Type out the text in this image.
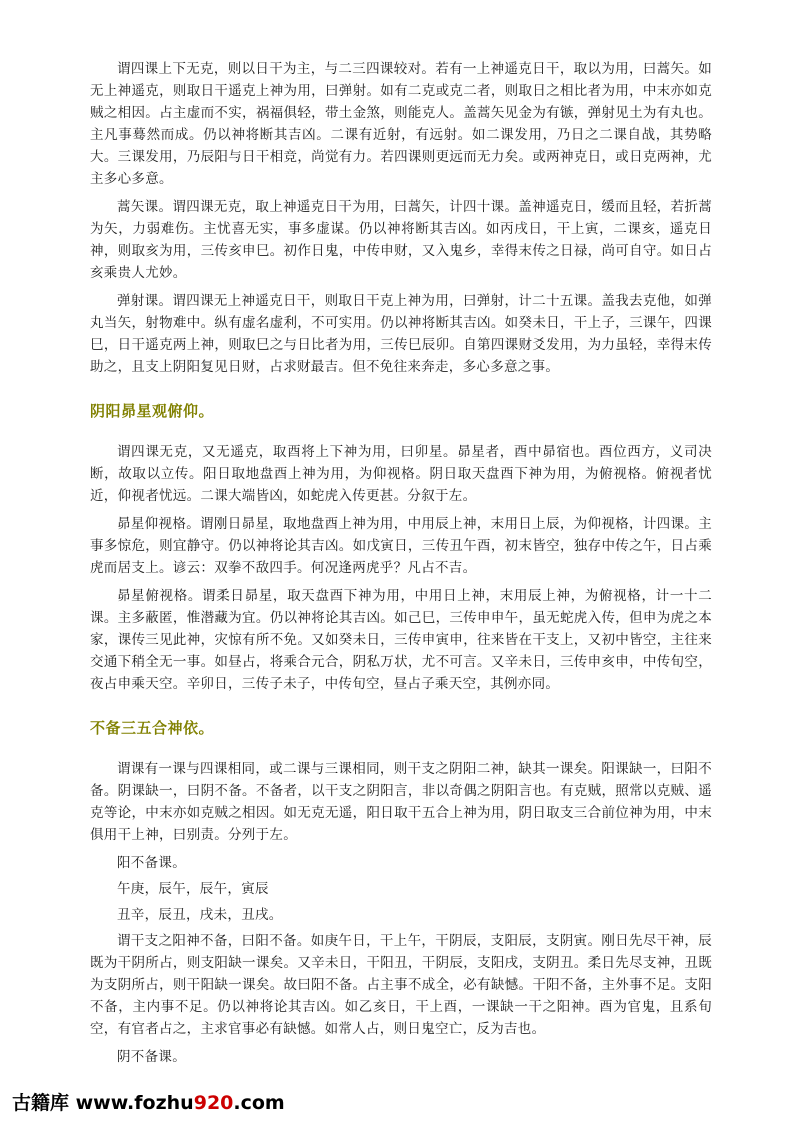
谓四课上下无克，则以日干为主，与二三四课较对。若有一上神遥克日干，取以为用，曰蒿矢。如无上神遥克，则取日干遥克上神为用，曰弹射。如有二克或克二者，则取日之相比者为用，中末亦如克贼之相因。占主虚而不实，祸福俱轻，带土金煞，则能克人。盖蒿矢见金为有镞，弹射见土为有丸也。主凡事蓦然而成。仍以神将断其吉凶。二课有近射，有远射。如二课发用，乃日之二课自战，其势略大。三课发用，乃辰阳与日干相竞，尚觉有力。若四课则更远而无力矣。或两神克日，或日克两神，尤主多心多意。

蒿矢课。谓四课无克，取上神遥克日干为用，曰蒿矢，计四十课。盖神遥克日，缓而且轻，若折蒿为矢，力弱难伤。主忧喜无实，事多虚谋。仍以神将断其吉凶。如丙戌日，干上寅，二课亥，遥克日神，则取亥为用，三传亥申巳。初作日鬼，中传申财，又入鬼乡，幸得末传之日禄，尚可自守。如日占亥乘贵人尤妙。

弹射课。谓四课无上神遥克日干，则取日干克上神为用，曰弹射，计二十五课。盖我去克他，如弹丸当矢，射物难中。纵有虚名虚利，不可实用。仍以神将断其吉凶。如癸未日，干上子，三课午，四课巳，日干遥克两上神，则取巳之与日比者为用，三传巳辰卯。自第四课财爻发用，为力虽轻，幸得末传助之，且支上阴阳复见日财，占求财最吉。但不免往来奔走，多心多意之事。

阴阳昴星观俯仰。

谓四课无克，又无遥克，取酉将上下神为用，曰卯星。昴星者，酉中昴宿也。酉位西方，义司决断，故取以立传。阳日取地盘酉上神为用，为仰视格。阴日取天盘酉下神为用，为俯视格。俯视者忧近，仰视者忧远。二课大端皆凶，如蛇虎入传更甚。分叙于左。

昴星仰视格。谓刚日昴星，取地盘酉上神为用，中用辰上神，末用日上辰，为仰视格，计四课。主事多惊危，则宜静守。仍以神将论其吉凶。如戊寅日，三传丑午酉，初末皆空，独存中传之午，日占乘虎而居支上。谚云：双拳不敌四手。何况逢两虎乎？凡占不吉。

昴星俯视格。谓柔日昴星，取天盘酉下神为用，中用日上神，末用辰上神，为俯视格，计一十二课。主多蔽匿，惟潜藏为宜。仍以神将论其吉凶。如己巳，三传申申午，虽无蛇虎入传，但申为虎之本家，课传三见此神，灾惊有所不免。又如癸未日，三传申寅申，往来皆在干支上，又初中皆空，主往来交通下稍全无一事。如昼占，将乘合元合，阴私万状，尤不可言。又辛未日，三传申亥申，中传旬空，夜占申乘天空。辛卯日，三传子未子，中传旬空，昼占子乘天空，其例亦同。

不备三五合神依。

谓课有一课与四课相同，或二课与三课相同，则干支之阴阳二神，缺其一课矣。阳课缺一，曰阳不备。阴课缺一，曰阴不备。不备者，以干支之阴阳言，非以奇偶之阴阳言也。有克贼，照常以克贼、遥克等论，中末亦如克贼之相因。如无克无遥，阳日取干五合上神为用，阴日取支三合前位神为用，中末俱用干上神，曰别责。分列于左。

阳不备课。

午庚，辰午，辰午，寅辰

丑辛，辰丑，戌未，丑戌。

谓干支之阳神不备，曰阳不备。如庚午日，干上午，干阴辰，支阳辰，支阴寅。刚日先尽干神，辰既为干阴所占，则支阳缺一课矣。又辛未日，干阳丑，干阴辰，支阳戌，支阴丑。柔日先尽支神，丑既为支阴所占，则干阳缺一课矣。故曰阳不备。占主事不成全，必有缺憾。干阳不备，主外事不足。支阳不备，主内事不足。仍以神将论其吉凶。如乙亥日，干上酉，一课缺一干之阳神。酉为官鬼，且系旬空，有官者占之，主求官事必有缺憾。如常人占，则日鬼空亡，反为吉也。

阴不备课。

古籍库 www.fozhu920.com
